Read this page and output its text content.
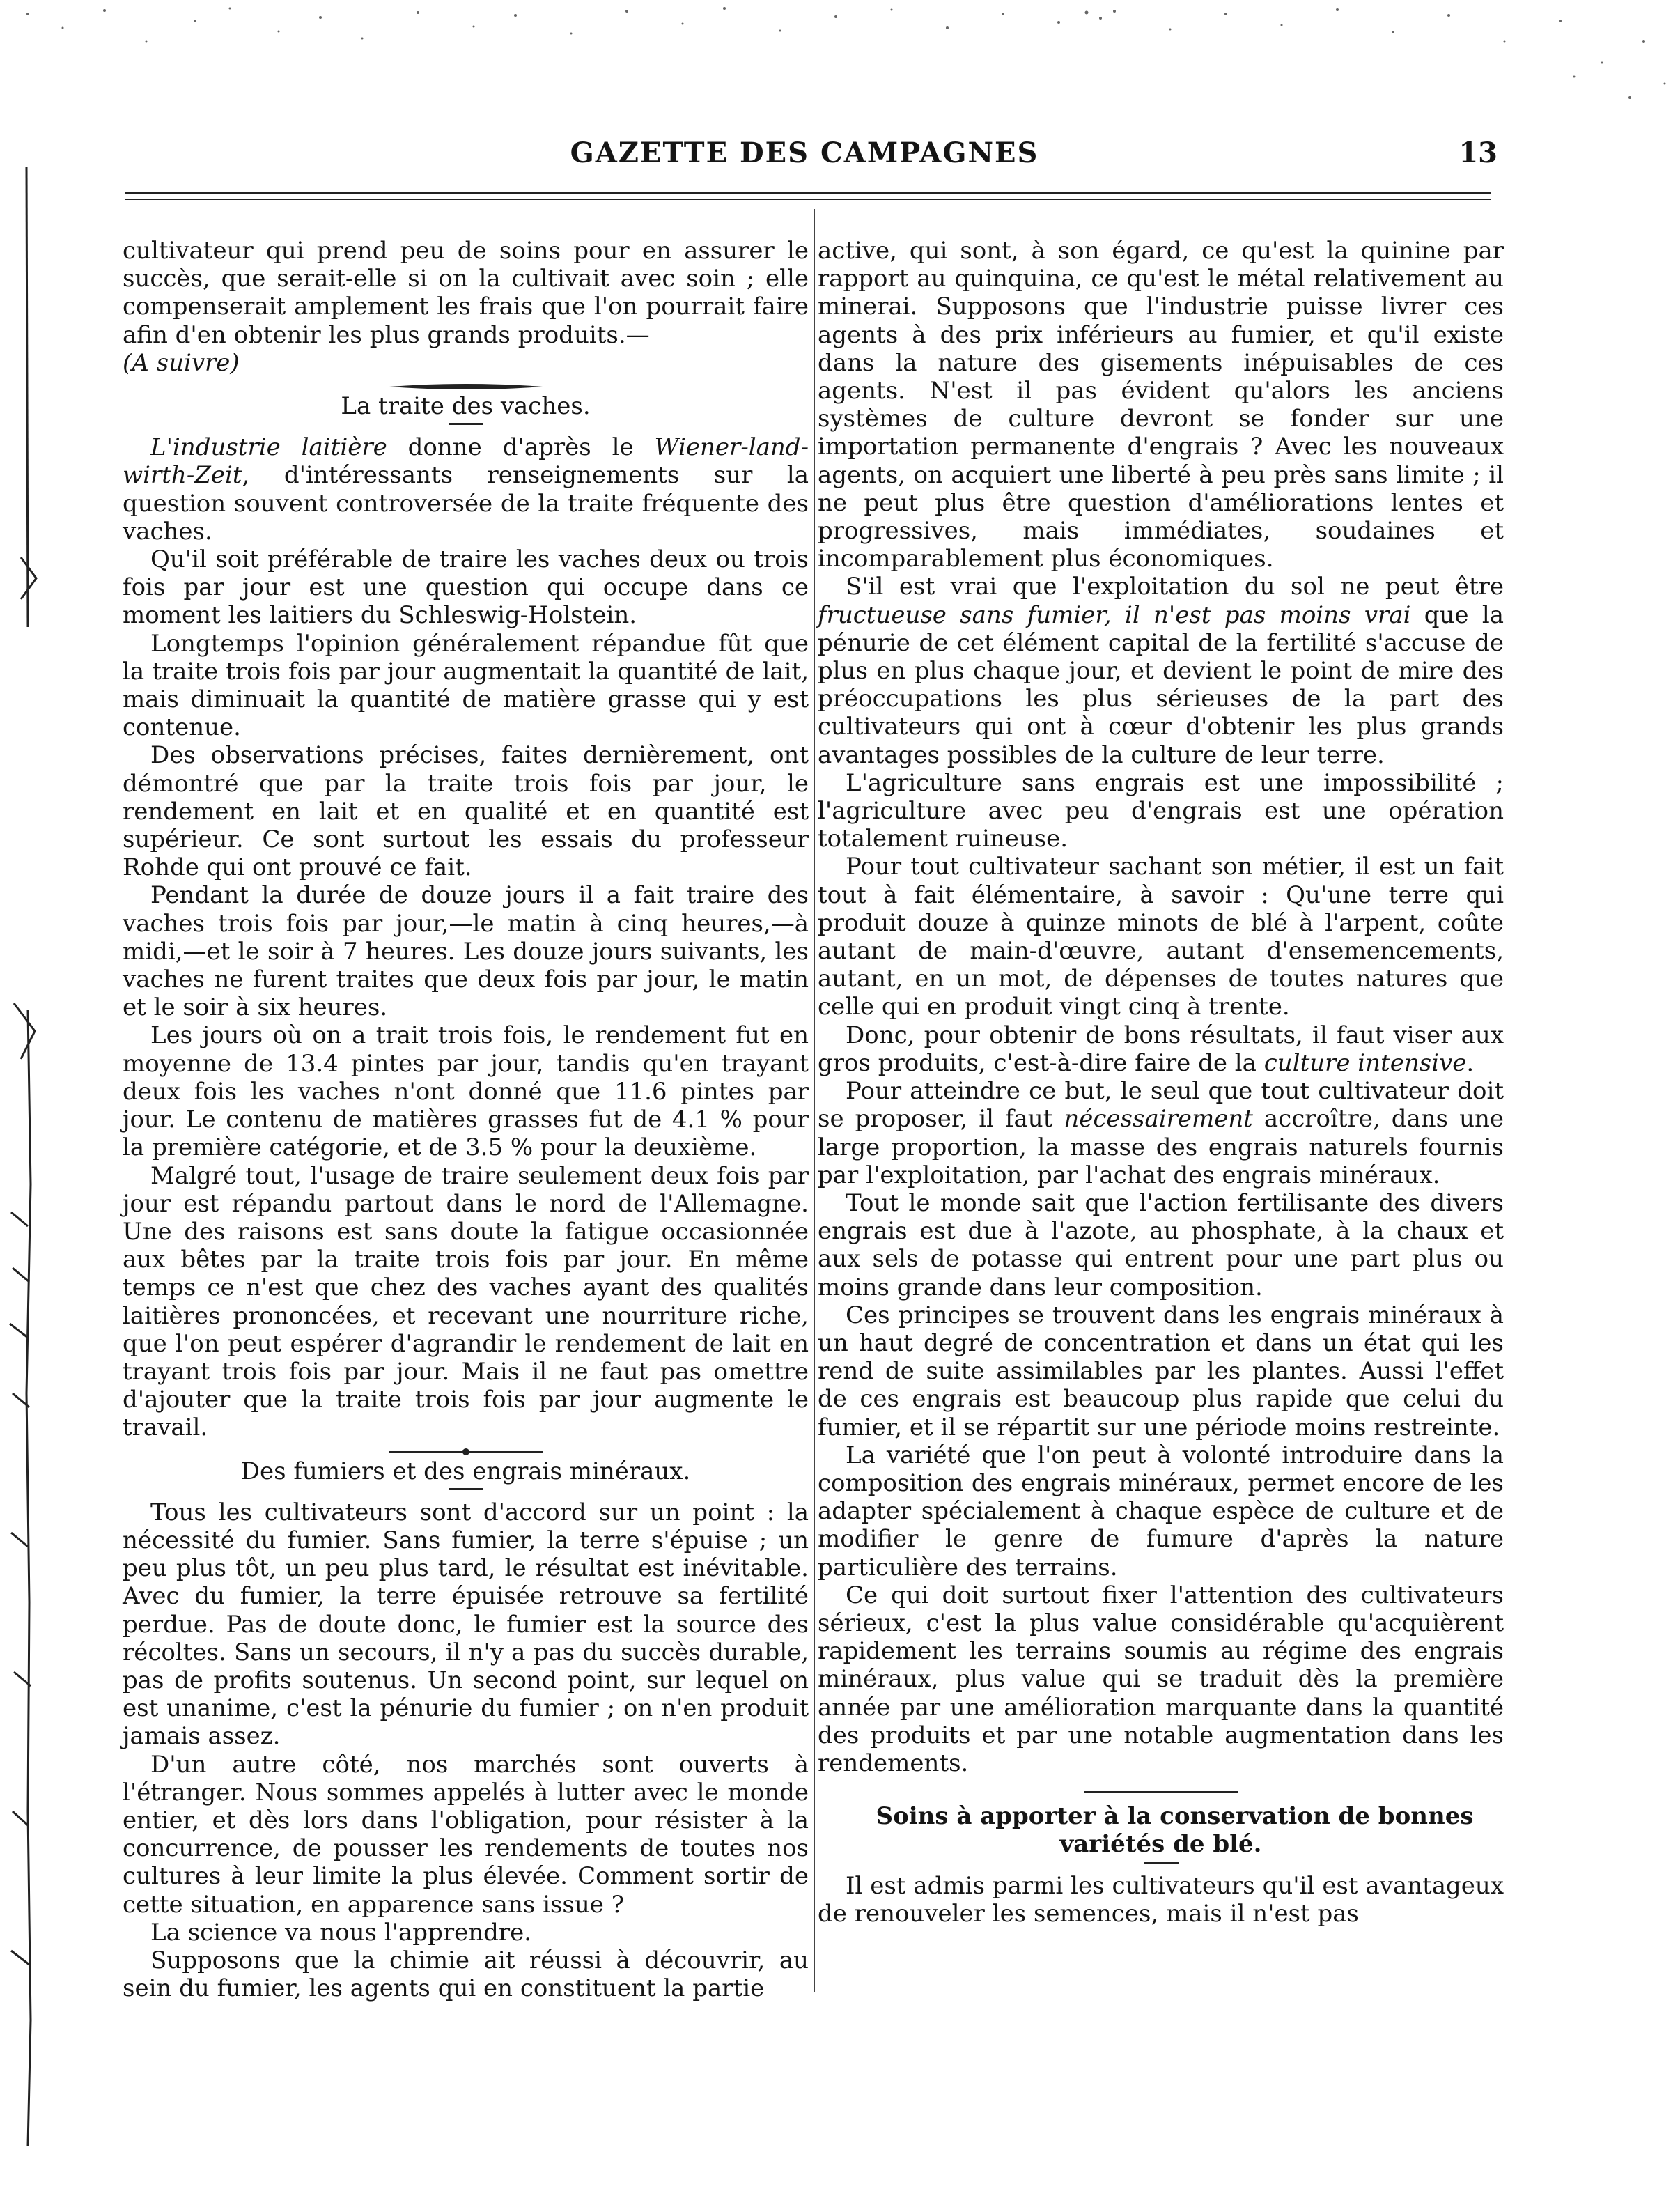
GAZETTE DES CAMPAGNES	13

cultivateur qui prend peu de soins pour en assurer le succès, que serait-elle si on la cultivait avec soin ; elle compenserait amplement les frais que l'on pourrait faire afin d'en obtenir les plus grands produits.—
(A suivre)

La traite des vaches.

L'industrie laitière donne d'après le Wiener-land-wirth-Zeit, d'intéressants renseignements sur la question souvent controversée de la traite fréquente des vaches.

Qu'il soit préférable de traire les vaches deux ou trois fois par jour est une question qui occupe dans ce moment les laitiers du Schleswig-Holstein.

Longtemps l'opinion généralement répandue fût que la traite trois fois par jour augmentait la quantité de lait, mais diminuait la quantité de matière grasse qui y est contenue.

Des observations précises, faites dernièrement, ont démontré que par la traite trois fois par jour, le rendement en lait et en qualité et en quantité est supérieur. Ce sont surtout les essais du professeur Rohde qui ont prouvé ce fait.

Pendant la durée de douze jours il a fait traire des vaches trois fois par jour,—le matin à cinq heures,—à midi,—et le soir à 7 heures. Les douze jours suivants, les vaches ne furent traites que deux fois par jour, le matin et le soir à six heures.

Les jours où on a trait trois fois, le rendement fut en moyenne de 13.4 pintes par jour, tandis qu'en trayant deux fois les vaches n'ont donné que 11.6 pintes par jour. Le contenu de matières grasses fut de 4.1 % pour la première catégorie, et de 3.5 % pour la deuxième.

Malgré tout, l'usage de traire seulement deux fois par jour est répandu partout dans le nord de l'Allemagne. Une des raisons est sans doute la fatigue occasionnée aux bêtes par la traite trois fois par jour. En même temps ce n'est que chez des vaches ayant des qualités laitières prononcées, et recevant une nourriture riche, que l'on peut espérer d'agrandir le rendement de lait en trayant trois fois par jour. Mais il ne faut pas omettre d'ajouter que la traite trois fois par jour augmente le travail.

Des fumiers et des engrais minéraux.

Tous les cultivateurs sont d'accord sur un point : la nécessité du fumier. Sans fumier, la terre s'épuise ; un peu plus tôt, un peu plus tard, le résultat est inévitable. Avec du fumier, la terre épuisée retrouve sa fertilité perdue. Pas de doute donc, le fumier est la source des récoltes. Sans un secours, il n'y a pas du succès durable, pas de profits soutenus. Un second point, sur lequel on est unanime, c'est la pénurie du fumier ; on n'en produit jamais assez.

D'un autre côté, nos marchés sont ouverts à l'étranger. Nous sommes appelés à lutter avec le monde entier, et dès lors dans l'obligation, pour résister à la concurrence, de pousser les rendements de toutes nos cultures à leur limite la plus élevée. Comment sortir de cette situation, en apparence sans issue ?

La science va nous l'apprendre.

Supposons que la chimie ait réussi à découvrir, au sein du fumier, les agents qui en constituent la partie

active, qui sont, à son égard, ce qu'est la quinine par rapport au quinquina, ce qu'est le métal relativement au minerai. Supposons que l'industrie puisse livrer ces agents à des prix inférieurs au fumier, et qu'il existe dans la nature des gisements inépuisables de ces agents. N'est il pas évident qu'alors les anciens systèmes de culture devront se fonder sur une importation permanente d'engrais ? Avec les nouveaux agents, on acquiert une liberté à peu près sans limite ; il ne peut plus être question d'améliorations lentes et progressives, mais immédiates, soudaines et incomparablement plus économiques.

S'il est vrai que l'exploitation du sol ne peut être fructueuse sans fumier, il n'est pas moins vrai que la pénurie de cet élément capital de la fertilité s'accuse de plus en plus chaque jour, et devient le point de mire des préoccupations les plus sérieuses de la part des cultivateurs qui ont à cœur d'obtenir les plus grands avantages possibles de la culture de leur terre.

L'agriculture sans engrais est une impossibilité ; l'agriculture avec peu d'engrais est une opération totalement ruineuse.

Pour tout cultivateur sachant son métier, il est un fait tout à fait élémentaire, à savoir : Qu'une terre qui produit douze à quinze minots de blé à l'arpent, coûte autant de main-d'œuvre, autant d'ensemencements, autant, en un mot, de dépenses de toutes natures que celle qui en produit vingt cinq à trente.

Donc, pour obtenir de bons résultats, il faut viser aux gros produits, c'est-à-dire faire de la culture intensive.

Pour atteindre ce but, le seul que tout cultivateur doit se proposer, il faut nécessairement accroître, dans une large proportion, la masse des engrais naturels fournis par l'exploitation, par l'achat des engrais minéraux.

Tout le monde sait que l'action fertilisante des divers engrais est due à l'azote, au phosphate, à la chaux et aux sels de potasse qui entrent pour une part plus ou moins grande dans leur composition.

Ces principes se trouvent dans les engrais minéraux à un haut degré de concentration et dans un état qui les rend de suite assimilables par les plantes. Aussi l'effet de ces engrais est beaucoup plus rapide que celui du fumier, et il se répartit sur une période moins restreinte.

La variété que l'on peut à volonté introduire dans la composition des engrais minéraux, permet encore de les adapter spécialement à chaque espèce de culture et de modifier le genre de fumure d'après la nature particulière des terrains.

Ce qui doit surtout fixer l'attention des cultivateurs sérieux, c'est la plus value considérable qu'acquièrent rapidement les terrains soumis au régime des engrais minéraux, plus value qui se traduit dès la première année par une amélioration marquante dans la quantité des produits et par une notable augmentation dans les rendements.

Soins à apporter à la conservation de bonnes variétés de blé.

Il est admis parmi les cultivateurs qu'il est avantageux de renouveler les semences, mais il n'est pas
